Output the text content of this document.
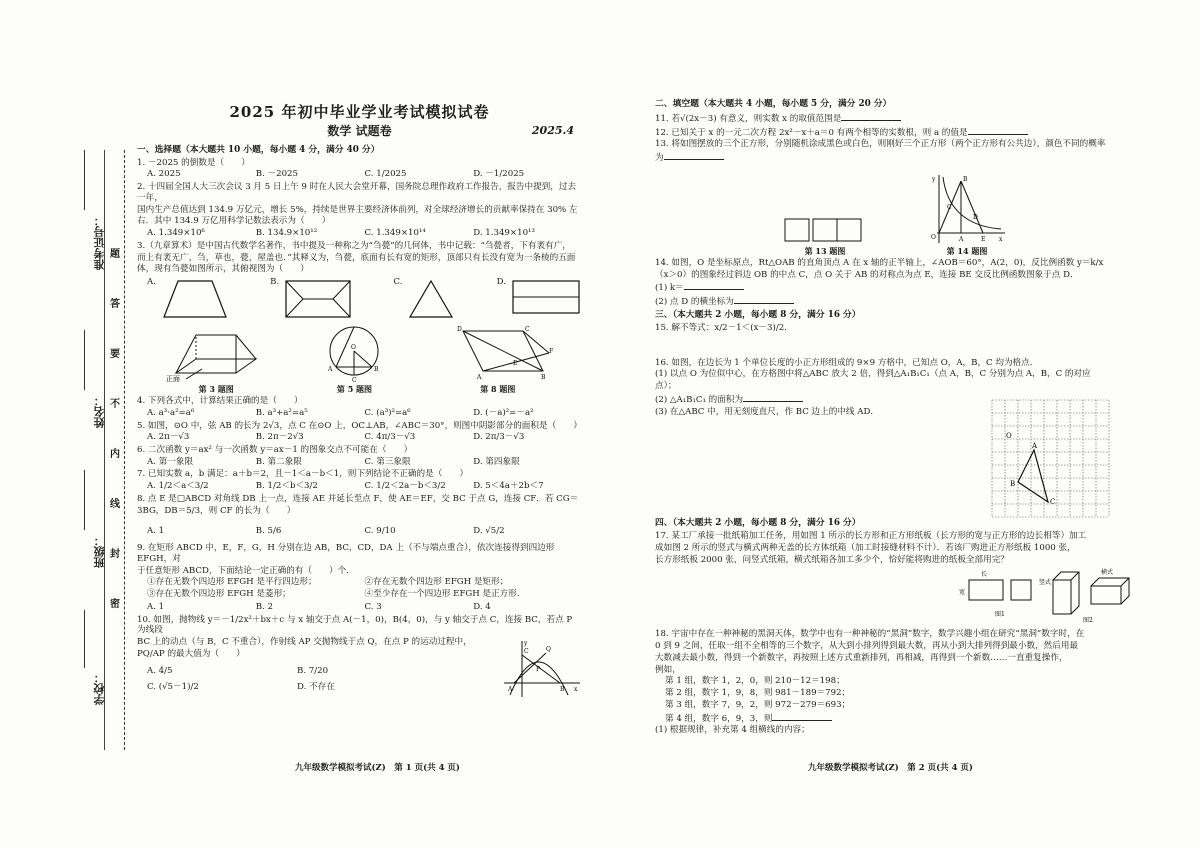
准考证号：
姓名：
班级：
学校：
题
答
要
不
内
线
封
密
2025 年初中毕业学业考试模拟试卷
数学 试题卷	2025.4
一、选择题（本大题共 10 小题，每小题 4 分，满分 40 分）
1. －2025 的倒数是（　　）
A. 2025	B. －2025	C. 1/2025	D. －1/2025
2. 十四届全国人大三次会议 3 月 5 日上午 9 时在人民大会堂开幕，国务院总理作政府工作报告，报告中提到，过去一年，
国内生产总值达到 134.9 万亿元，增长 5%，持续是世界主要经济体前列，对全球经济增长的贡献率保持在 30% 左
右．其中 134.9 万亿用科学记数法表示为（　　）
A. 1.349×10⁶	B. 134.9×10¹²	C. 1.349×10¹⁴	D. 1.349×10¹³
3.（九章算术）是中国古代数学名著作，书中提及一种称之为“刍甍”的几何体，书中记载：“刍甍者，下有袤有广，
而上有袤无广，刍，草也，甍，屋盖也．”其释义为，刍甍，底面有长有宽的矩形，顶部只有长没有宽为一条棱的五面
体，现有刍甍如图所示，其俯视图为（　　）
A.	B.	C.	D.
正面
第 3 题图
O
A	B
C
第 5 题图
D	C
A	B
F
E
第 8 题图
4. 下列各式中，计算结果正确的是（　　）
A. a³·a²=a⁶	B. a³+a²=a⁵	C. (a³)²=a⁶	D. (－a)²=－a²
5. 如图，⊙O 中，弦 AB 的长为 2√3，点 C 在⊙O 上，OC⊥AB，∠ABC＝30°，则图中阴影部分的面积是（　　）
A. 2π－√3	B. 2π－2√3	C. 4π/3－√3	D. 2π/3－√3
6. 二次函数 y＝ax² 与一次函数 y＝ax－1 的图象交点不可能在（　　）
A. 第一象限	B. 第二象限	C. 第三象限	D. 第四象限
7. 已知实数 a，b 满足：a＋b＝2，且－1＜a－b＜1，则下列结论不正确的是（　　）
A. 1/2＜a＜3/2	B. 1/2＜b＜3/2	C. 1/2＜2a－b＜3/2	D. 5＜4a＋2b＜7
8. 点 E 是□ABCD 对角线 DB 上一点，连接 AE 并延长至点 F，使 AE＝EF，交 BC 于点 G，连接 CF．若 CG＝
3BG，DB＝5/3，则 CF 的长为（　　）
A. 1	B. 5/6	C. 9/10	D. √5/2
9. 在矩形 ABCD 中，E，F，G，H 分别在边 AB，BC，CD，DA 上（不与端点重合），依次连接得到四边形 EFGH，对
于任意矩形 ABCD，下面结论一定正确的有（　　）个．
①存在无数个四边形 EFGH 是平行四边形；	②存在无数个四边形 EFGH 是矩形；
③存在无数个四边形 EFGH 是菱形；	④至少存在一个四边形 EFGH 是正方形．
A. 1	B. 2	C. 3	D. 4
10. 如图，抛物线 y＝－1/2x²＋bx＋c 与 x 轴交于点 A(－1，0)，B(4，0)，与 y 轴交于点 C，连接 BC，若点 P 为线段
BC 上的动点（与 B，C 不重合），作射线 AP 交抛物线于点 Q，在点 P 的运动过程中，
PQ/AP 的最大值为（　　）
A. 4/5	B. 7/20
C. (√5－1)/2	D. 不存在	A	B
C	Q
P
y
x
九年级数学模拟考试(Z)　第 1 页(共 4 页)
二、填空题（本大题共 4 小题，每小题 5 分，满分 20 分）
11. 若√(2x－3) 有意义，则实数 x 的取值范围是
12. 已知关于 x 的一元二次方程 2x²－x＋a＝0 有两个相等的实数根，则 a 的值是
13. 将如图摆放的三个正方形，分别随机涂成黑色或白色，则刚好三个正方形（两个正方形有公共边），颜色不同的概率
为
第 13 题图
B
O	A	E
C
D
y
x
第 14 题图
14. 如图，O 是坐标原点，Rt△OAB 的直角顶点 A 在 x 轴的正半轴上，∠AOB＝60°，A(2，0)，反比例函数 y＝k/x
（x＞0）的图象经过斜边 OB 的中点 C，点 O 关于 AB 的对称点为点 E，连接 BE 交反比例函数图象于点 D．
(1) k＝
(2) 点 D 的横坐标为
三、（本大题共 2 小题，每小题 8 分，满分 16 分）
15. 解不等式：x/2－1＜(x－3)/2．
16. 如图，在边长为 1 个单位长度的小正方形组成的 9×9 方格中，已知点 O，A，B，C 均为格点．
(1) 以点 O 为位似中心，在方格图中将△ABC 放大 2 倍，得到△A₁B₁C₁（点 A，B，C 分别为点 A，B，C 的对应
点）；
(2) △A₁B₁C₁ 的面积为
(3) 在△ABC 中，用无刻度直尺，作 BC 边上的中线 AD．
四、（本大题共 2 小题，每小题 8 分，满分 16 分）
17. 某工厂承接一批纸箱加工任务，用如图 1 所示的长方形和正方形纸板（长方形的宽与正方形的边长相等）加工
成如图 2 所示的竖式与横式两种无盖的长方体纸箱（加工时接缝材料不计）．若该厂购进正方形纸板 1000 张，
长方形纸板 2000 张，问竖式纸箱，横式纸箱各加工多少个，恰好能将购进的纸板全部用完？
长
宽
图1
竖式
横式
图2
18. 宇宙中存在一种神秘的黑洞天体，数学中也有一种神秘的“黑洞”数字，数学兴趣小组在研究“黑洞”数字时，在
0 到 9 之间，任取一组不全相等的三个数字，从大到小排列得到最大数，再从小到大排列得到最小数，然后用最
大数减去最小数，得到一个新数字，再按照上述方式重新排列，再相减，再得到一个新数……一直重复操作，
例如，
第 1 组，数字 1，2，0，则 210－12＝198；
第 2 组，数字 1，9，8，则 981－189＝792；
第 3 组，数字 7，9，2，则 972－279＝693；
第 4 组，数字 6，9，3，则
(1) 根据规律，补充第 4 组横线的内容；
O
A
B
C
九年级数学模拟考试(Z)　第 2 页(共 4 页)
